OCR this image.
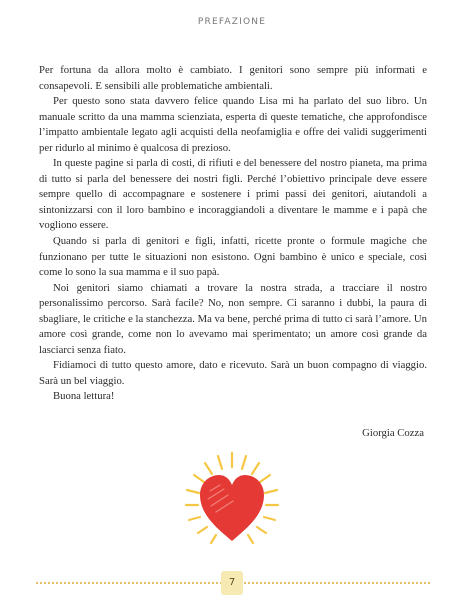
PREFAZIONE

Per fortuna da allora molto è cambiato. I genitori sono sempre più informati e consapevoli. E sensibili alle problematiche ambientali.

Per questo sono stata davvero felice quando Lisa mi ha parlato del suo libro. Un manuale scritto da una mamma scienziata, esperta di queste tematiche, che approfondisce l’impatto ambientale legato agli acquisti della neofamiglia e offre dei validi suggerimenti per ridurlo al minimo è qualcosa di prezioso.

In queste pagine si parla di costi, di rifiuti e del benessere del nostro pianeta, ma prima di tutto si parla del benessere dei nostri figli. Perché l’obiettivo principale deve essere sempre quello di accompagnare e sostenere i primi passi dei genitori, aiutandoli a sintonizzarsi con il loro bambino e incoraggiandoli a diventare le mamme e i papà che vogliono essere.

Quando si parla di genitori e figli, infatti, ricette pronte o formule magiche che funzionano per tutte le situazioni non esistono. Ogni bambino è unico e speciale, così come lo sono la sua mamma e il suo papà.

Noi genitori siamo chiamati a trovare la nostra strada, a tracciare il nostro personalissimo percorso. Sarà facile? No, non sempre. Ci saranno i dubbi, la paura di sbagliare, le critiche e la stanchezza. Ma va bene, perché prima di tutto ci sarà l’amore. Un amore così grande, come non lo avevamo mai sperimentato; un amore così grande da lasciarci senza fiato.

Fidiamoci di tutto questo amore, dato e ricevuto. Sarà un buon compagno di viaggio. Sarà un bel viaggio.

Buona lettura!

Giorgia Cozza
7
